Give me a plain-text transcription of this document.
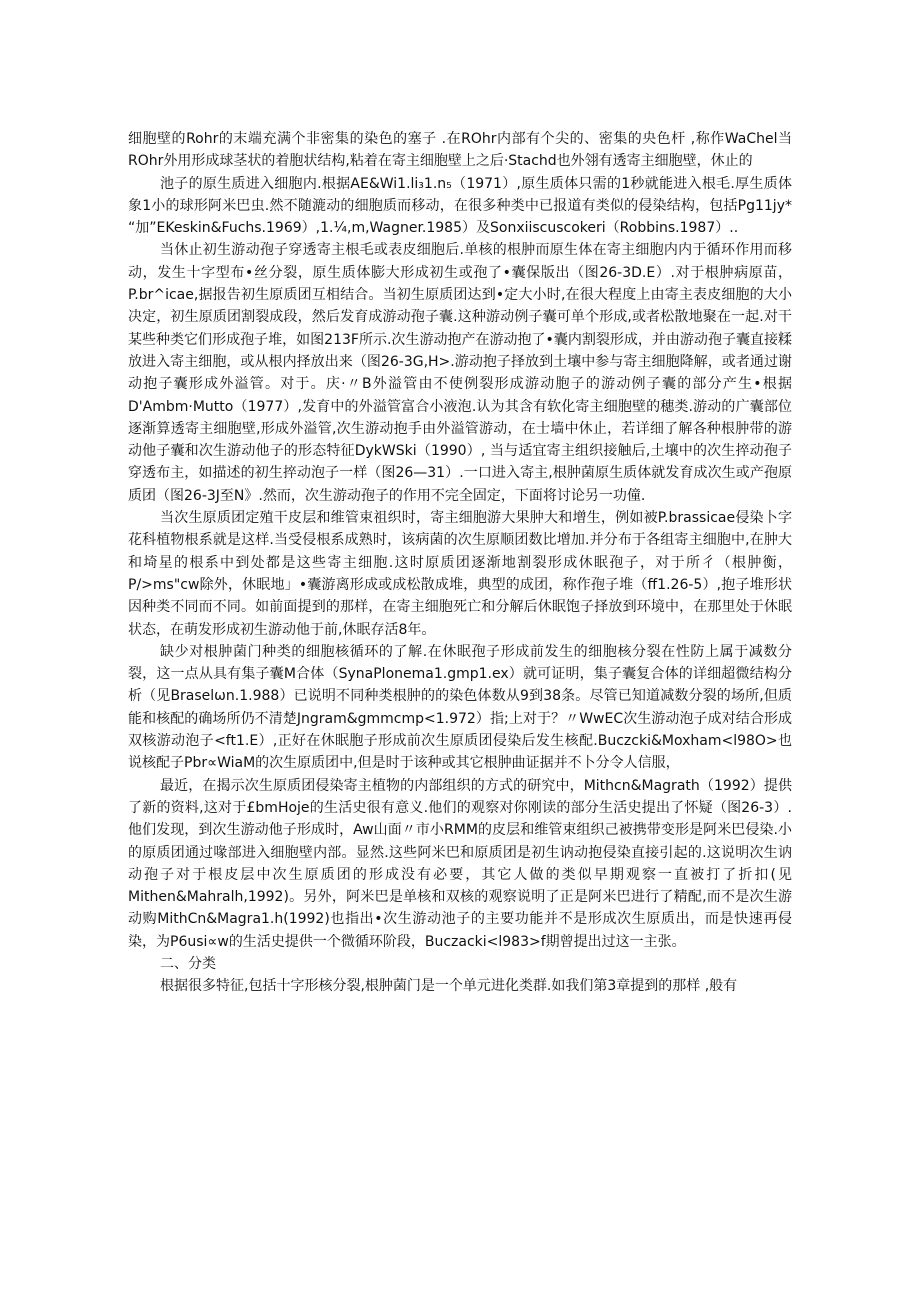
细胞壁的Rohr的末端充满个非密集的染色的塞子 .在ROhr内部有个尖的、密集的央色杆 ,称作WaChel当ROhr外用形成球茎状的着胞状结构,粘着在寄主细胞壁上之后·Stachd也外翎有透寄主细胞壁，休止的

池子的原生质进入细胞内.根据AE&Wi1.li₃1.n₅（1971）,原生质体只需的1秒就能进入根毛.厚生质体象1小的球形阿米巴虫.然不随漉动的细胞质而移动，在很多种类中已报道有类似的侵染结构，包括Pg11jy* “加”EKeskin&Fuchs.1969）,1.¼,m,Wagner.1985）及Sonxiiscuscokeri（Robbins.1987）..

当休止初生游动孢子穿透寄主根毛或表皮细胞后.单核的根肿而原生体在寄主细胞内内于循环作用而移动，发生十字型布•丝分裂，原生质体膨大形成初生或孢了•囊保版出（图26-3D.E）.对于根肿病原苗，P.br^icae,据报告初生原质团互相结合。当初生原质团达到•定大小时,在很大程度上由寄主表皮细胞的大小决定，初生原质团割裂成段，然后发育成游动孢子囊.这种游动例子囊可单个形成,或者松散地聚在一起.对干某些种类它们形成孢子堆，如图213F所示.次生游动抱产在游动抱了•囊内割裂形成，并由游动孢子囊直接糅放进入寄主细胞，或从根内择放出来（图26-3G,H>.游动抱子择放到土壤中参与寄主细胞降解，或者通过谢动抱子囊形成外溢管。对于。庆·〃B外溢管由不使例裂形成游动胞子的游动例子囊的部分产生•根据D'Ambm·Mutto（1977）,发育中的外溢管富合小液泡.认为其含有软化寄主细胞壁的穗类.游动的广囊部位逐渐算透寄主细胞壁,形成外溢管,次生游动抱手由外溢管游动，在士墙中休止，若详细了解各种根肿带的游动他子囊和次生游动他子的形态特征DykWSki（1990）, 当与适宜寄主组织接触后,土壤中的次生捽动孢子穿透布主，如描述的初生捽动泡子一样（图26—31）.一口进入寄主,根肿菌原生质体就发育成次生或产孢原质团（图26-3J至N》.然而，次生游动孢子的作用不完全固定，下面将讨论另一功僮.

当次生原质团定殖干皮层和维管束祖织时，寄主细胞游大果肿大和增生，例如被P.brassicae侵染卜字花科植物根系就是这样.当受侵根系成熟时，该病菌的次生原顺团数比增加.并分布于各组寄主细胞中,在肿大和埼星的根系中到处都是这些寄主细胞.这时原质团逐渐地割裂形成休眠孢子，对于所彳（根肿衡，P/>ms"cw除外，休眠地」•囊游离形成或成松散成堆，典型的成团，称作孢子堆（ff1.26-5）,抱子堆形状因种类不同而不同。如前面提到的那样，在寄主细胞死亡和分解后休眠饱子择放到环境中，在那里处于休眠状态，在萌发形成初生游动他于前,休眠存活8年。

缺少对根肿菌门种类的细胞核循环的了解.在休眠孢子形成前发生的细胞核分裂在性防上属于减数分裂，这一点从具有集子囊M合体（SynaPlonema1.gmp1.ex）就可证明，集子囊复合体的详细超微结构分析（见Braselωn.1.988）已说明不同种类根肿的的染色体数从9到38条。尽管已知道减数分裂的场所,但质能和核配的确场所仍不清楚Jngram&gmmcmp<1.972）指;上对于？〃WwEC次生游动泡子成对结合形成双核游动泡子<ft1.E）,正好在休眠胞子形成前次生原质团侵染后发生核配.Buczcki&Moxham<l98O>也说核配子Pbr∝WiaM的次生原质团中,但是时于该种或其它根肿曲证据并不卜分令人信服，

最近，在揭示次生原质团侵染寄主植物的内部组织的方式的研究中，Mithcn&Magrath（1992）提供了新的资料,这对于£bmHoje的生活史很有意义.他们的观察对你刚读的部分生活史提出了怀疑（图26-3）.他们发现，到次生游动他子形成时，Aw山面〃市小RMM的皮层和维管束组织己被携带变形是阿米巴侵染.小的原质团通过喙部进入细胞壁内部。显然.这些阿米巴和原质团是初生讷动抱侵染直接引起的.这说明次生讷动孢子对于根皮层中次生原质团的形成没有必要，其它人做的类似早期观察一直被打了折扣(见Mithen&Mahralh,1992)。另外，阿米巴是单核和双核的观察说明了正是阿米巴进行了精配,而不是次生游动购MithCn&Magra1.h(1992)也指出•次生游动池子的主要功能并不是形成次生原质出，而是快速再侵染，为P6usi∝w的生活史提供一个微循环阶段，Buczacki<l983>f期曾提出过这一主张。

二、分类

根据很多特征,包括十字形核分裂,根肿菌门是一个单元进化类群.如我们第3章提到的那样 ,般有
